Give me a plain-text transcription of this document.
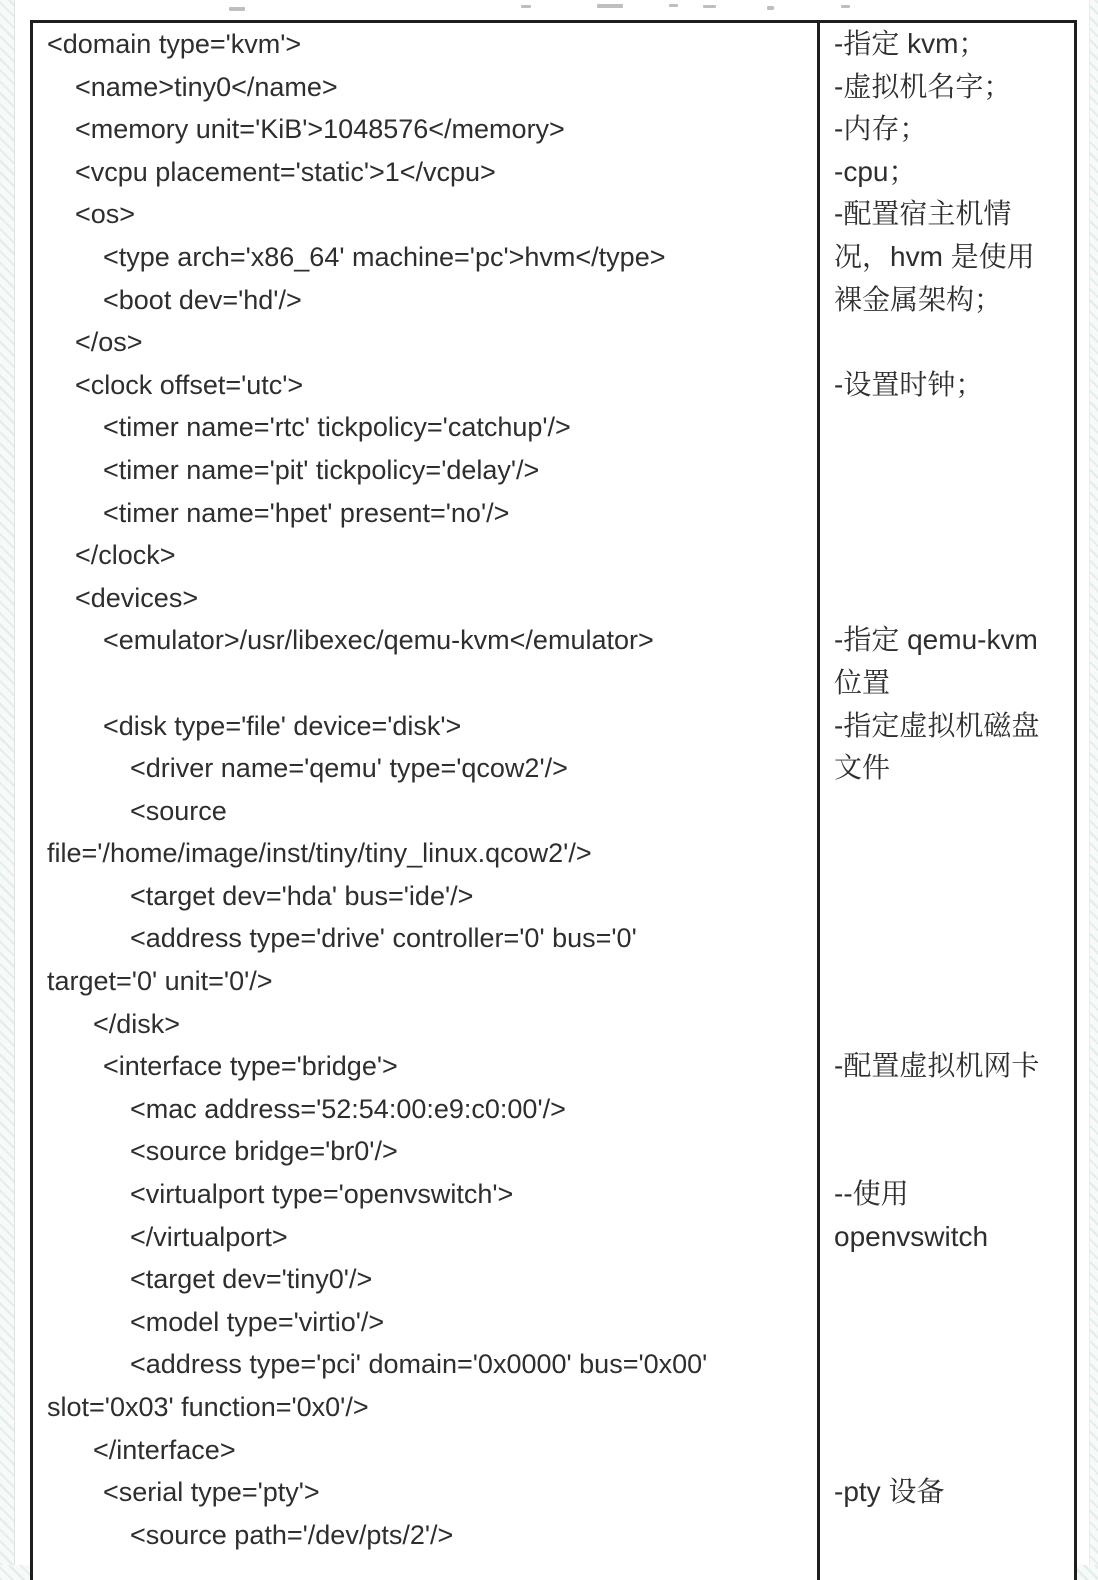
<domain type='kvm'>
<name>tiny0</name>
<memory unit='KiB'>1048576</memory>
<vcpu placement='static'>1</vcpu>
<os>
<type arch='x86_64' machine='pc'>hvm</type>
<boot dev='hd'/>
</os>
<clock offset='utc'>
<timer name='rtc' tickpolicy='catchup'/>
<timer name='pit' tickpolicy='delay'/>
<timer name='hpet' present='no'/>
</clock>
<devices>
<emulator>/usr/libexec/qemu-kvm</emulator>
<disk type='file' device='disk'>
<driver name='qemu' type='qcow2'/>
<source
file='/home/image/inst/tiny/tiny_linux.qcow2'/>
<target dev='hda' bus='ide'/>
<address type='drive' controller='0' bus='0'
target='0' unit='0'/>
</disk>
<interface type='bridge'>
<mac address='52:54:00:e9:c0:00'/>
<source bridge='br0'/>
<virtualport type='openvswitch'>
</virtualport>
<target dev='tiny0'/>
<model type='virtio'/>
<address type='pci' domain='0x0000' bus='0x00'
slot='0x03' function='0x0'/>
</interface>
<serial type='pty'>
<source path='/dev/pts/2'/>
-指定 kvm；
-虚拟机名字；
-内存；
-cpu；
-配置宿主机情
况，hvm 是使用
裸金属架构；
-设置时钟；
-指定 qemu-kvm
位置
-指定虚拟机磁盘
文件
-配置虚拟机网卡
--使用
openvswitch
-pty 设备
